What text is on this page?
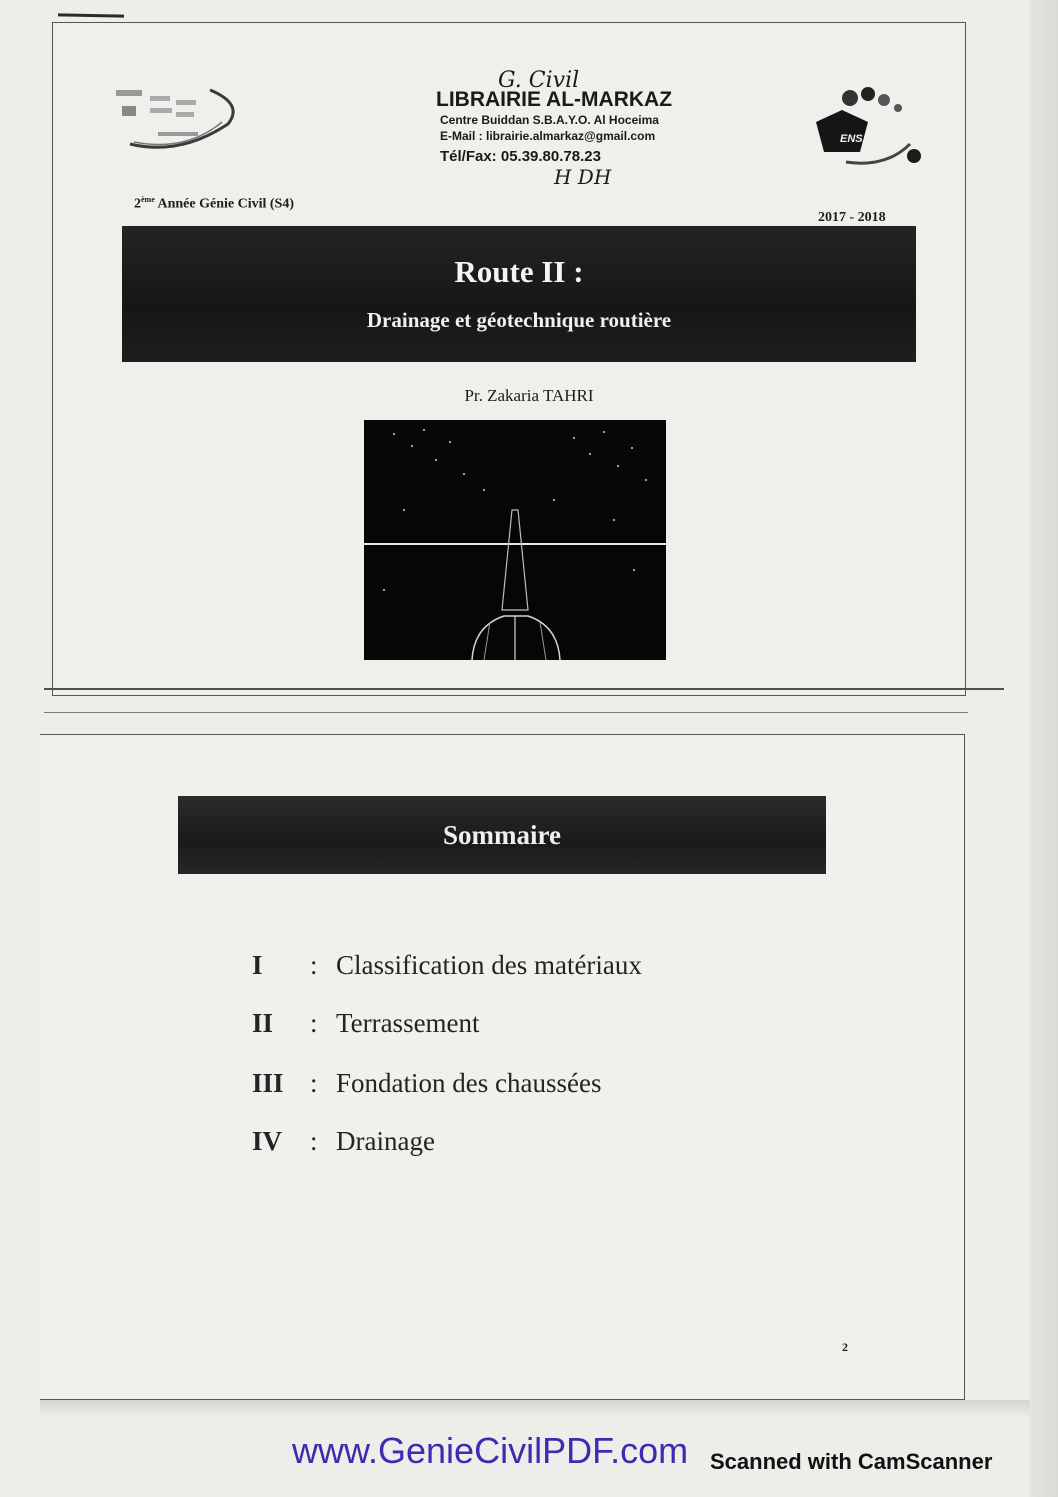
ENSAH
G. Civil
LIBRAIRIE AL-MARKAZ
Centre Buiddan S.B.A.Y.O. Al Hoceima
E-Mail : librairie.almarkaz@gmail.com
Tél/Fax: 05.39.80.78.23
H DH
2ème Année Génie Civil (S4)
2017 - 2018
Route II :
Drainage et géotechnique routière
Pr. Zakaria TAHRI
Sommaire
I : Classification des matériaux
II : Terrassement
III : Fondation des chaussées
IV : Drainage
2
www.GenieCivilPDF.com Scanned with CamScanner
